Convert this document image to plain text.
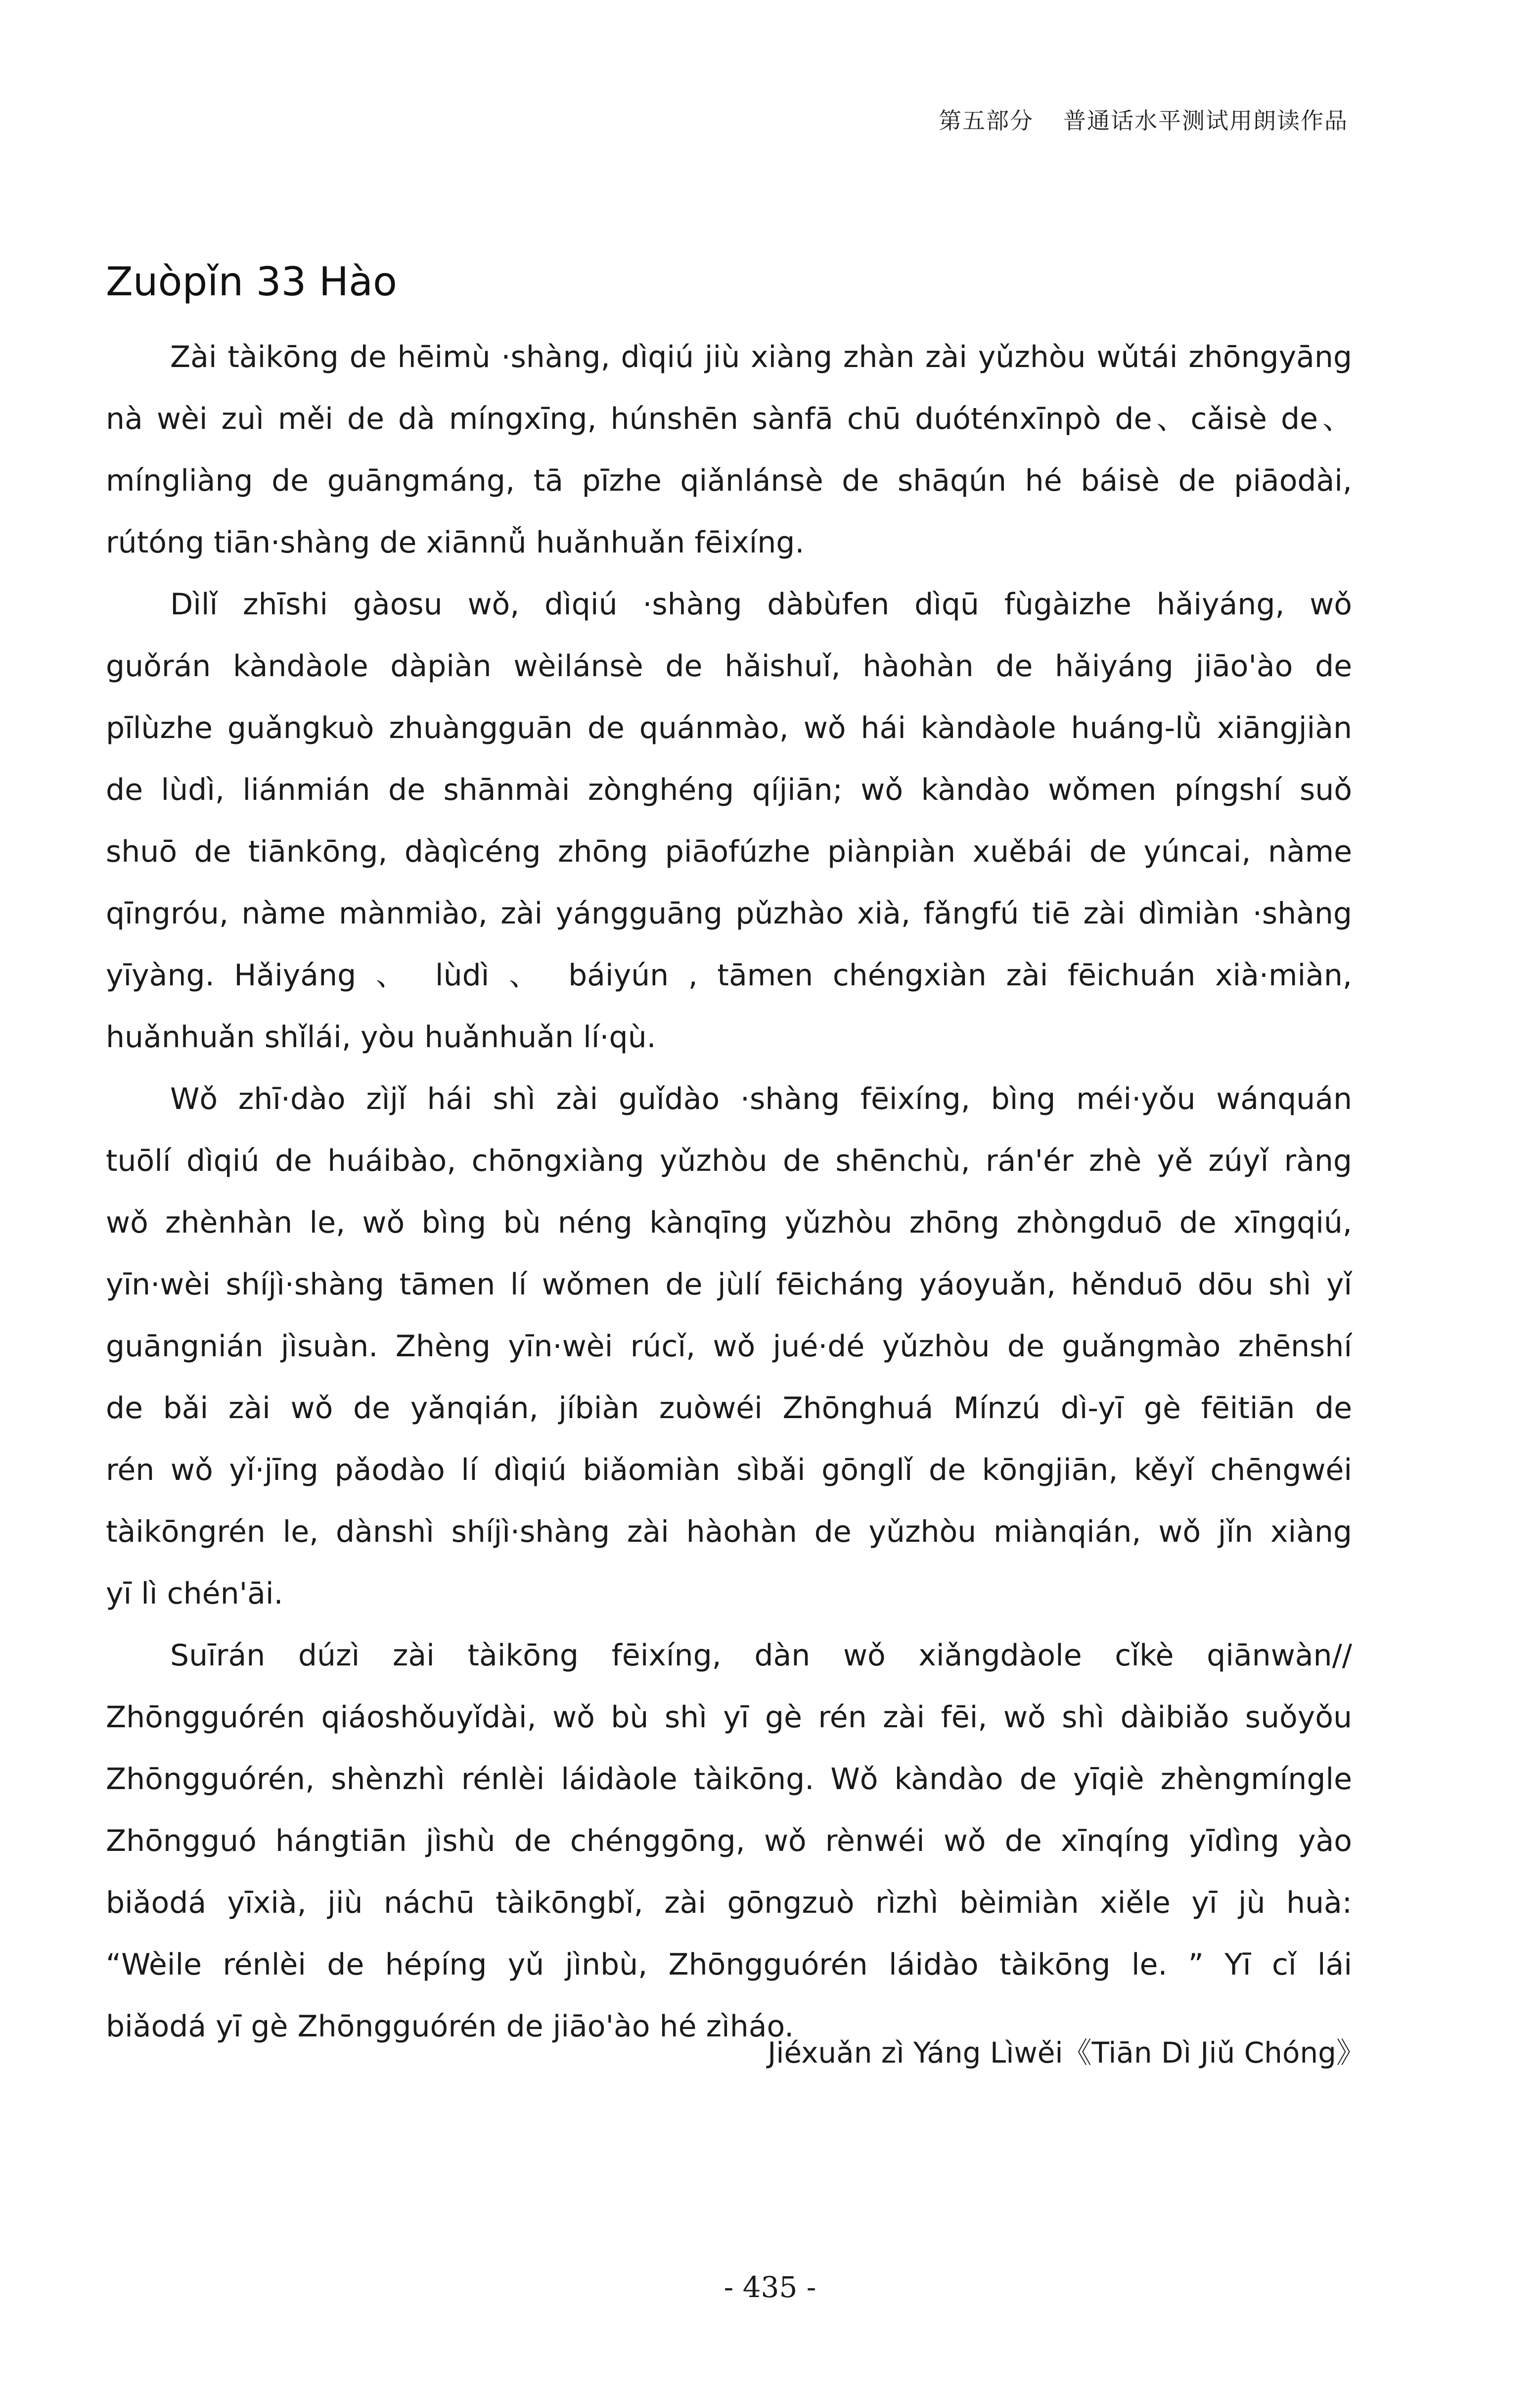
第五部分 普通话水平测试用朗读作品
Zuòpǐn 33 Hào

Zài tàikōng de hēimù ·shàng, dìqiú jiù xiàng zhàn zài yǔzhòu wǔtái zhōngyāng
nà wèi zuì měi de dà míngxīng, húnshēn sànfā chū duóténxīnpò de、cǎisè de、
míngliàng de guāngmáng, tā pīzhe qiǎnlánsè de shāqún hé báisè de piāodài,
rútóng tiān·shàng de xiānnǚ huǎnhuǎn fēixíng.

Dìlǐ zhīshi gàosu wǒ, dìqiú ·shàng dàbùfen dìqū fùgàizhe hǎiyáng, wǒ
guǒrán kàndàole dàpiàn wèilánsè de hǎishuǐ, hàohàn de hǎiyáng jiāo'ào de
pīlùzhe guǎngkuò zhuàngguān de quánmào, wǒ hái kàndàole huáng-lǜ xiāngjiàn
de lùdì, liánmián de shānmài zònghéng qíjiān; wǒ kàndào wǒmen píngshí suǒ
shuō de tiānkōng, dàqìcéng zhōng piāofúzhe piànpiàn xuěbái de yúncai, nàme
qīngróu, nàme mànmiào, zài yángguāng pǔzhào xià, fǎngfú tiē zài dìmiàn ·shàng
yīyàng. Hǎiyáng 、 lùdì 、 báiyún , tāmen chéngxiàn zài fēichuán xià·miàn,
huǎnhuǎn shǐlái, yòu huǎnhuǎn lí·qù.

Wǒ zhī·dào zìjǐ hái shì zài guǐdào ·shàng fēixíng, bìng méi·yǒu wánquán
tuōlí dìqiú de huáibào, chōngxiàng yǔzhòu de shēnchù, rán'ér zhè yě zúyǐ ràng
wǒ zhènhàn le, wǒ bìng bù néng kànqīng yǔzhòu zhōng zhòngduō de xīngqiú,
yīn·wèi shíjì·shàng tāmen lí wǒmen de jùlí fēicháng yáoyuǎn, hěnduō dōu shì yǐ
guāngnián jìsuàn. Zhèng yīn·wèi rúcǐ, wǒ jué·dé yǔzhòu de guǎngmào zhēnshí
de bǎi zài wǒ de yǎnqián, jíbiàn zuòwéi Zhōnghuá Mínzú dì-yī gè fēitiān de
rén wǒ yǐ·jīng pǎodào lí dìqiú biǎomiàn sìbǎi gōnglǐ de kōngjiān, kěyǐ chēngwéi
tàikōngrén le, dànshì shíjì·shàng zài hàohàn de yǔzhòu miànqián, wǒ jǐn xiàng
yī lì chén'āi.

Suīrán dúzì zài tàikōng fēixíng, dàn wǒ xiǎngdàole cǐkè qiānwàn//
Zhōngguórén qiáoshǒuyǐdài, wǒ bù shì yī gè rén zài fēi, wǒ shì dàibiǎo suǒyǒu
Zhōngguórén, shènzhì rénlèi láidàole tàikōng. Wǒ kàndào de yīqiè zhèngmíngle
Zhōngguó hángtiān jìshù de chénggōng, wǒ rènwéi wǒ de xīnqíng yīdìng yào
biǎodá yīxià, jiù náchū tàikōngbǐ, zài gōngzuò rìzhì bèimiàn xiěle yī jù huà:
“Wèile rénlèi de hépíng yǔ jìnbù, Zhōngguórén láidào tàikōng le. ” Yī cǐ lái
biǎodá yī gè Zhōngguórén de jiāo'ào hé zìháo.

Jiéxuǎn zì Yáng Lìwěi《Tiān Dì Jiǔ Chóng》
- 435 -
